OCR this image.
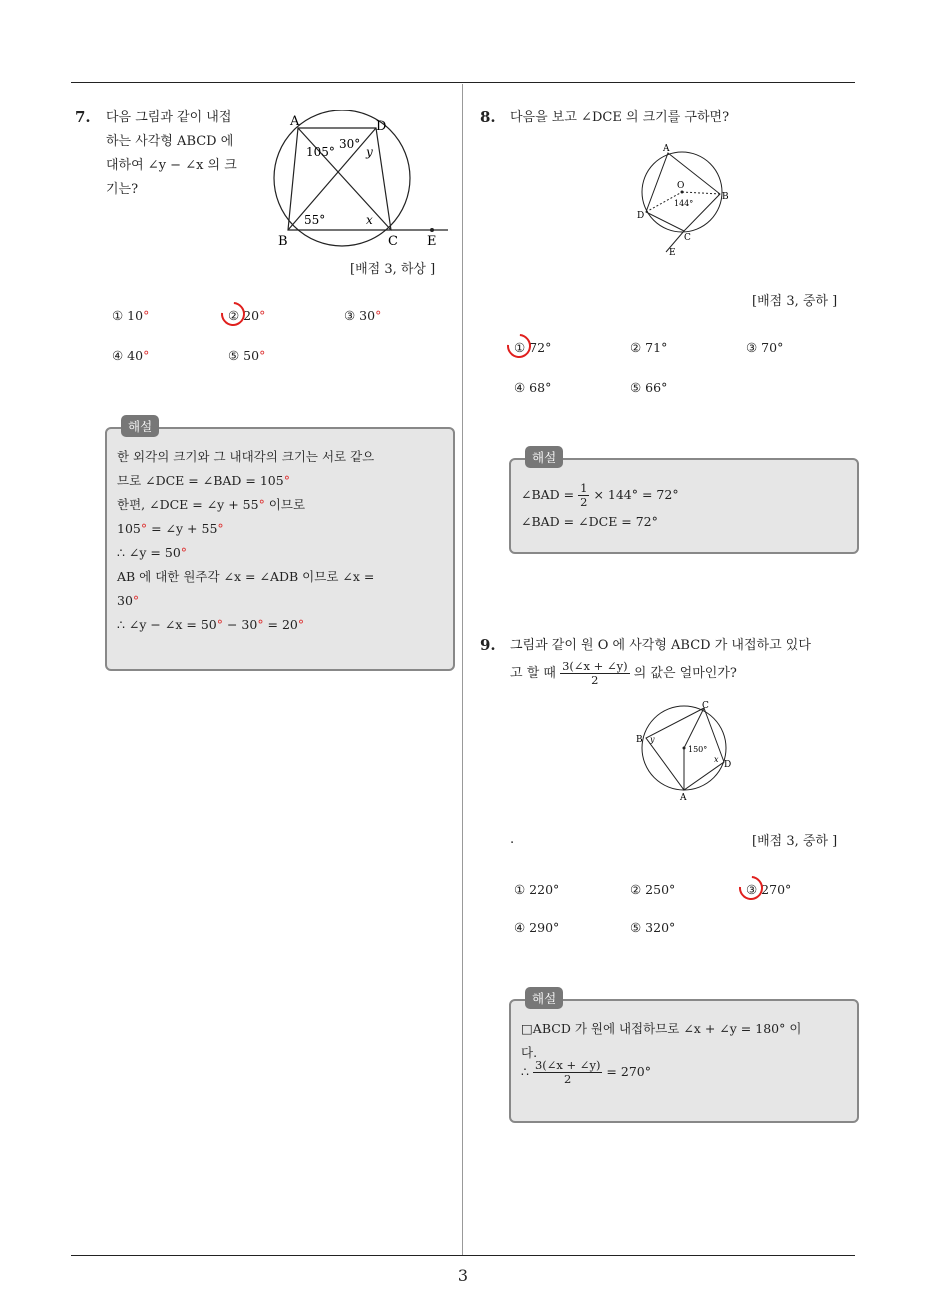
3
7. 다음 그림과 같이 내접
하는 사각형 ABCD 에
대하여 ∠y − ∠x 의 크
기는?
A	D
B	C E
105°
30°
y
55°	x
[배점 3, 하상 ]
① 10°	② 20°	③ 30°
④ 40°	⑤ 50°
해설
한 외각의 크기와 그 내대각의 크기는 서로 같으
므로 ∠DCE = ∠BAD = 105°
한편, ∠DCE = ∠y + 55° 이므로
105° = ∠y + 55°
∴ ∠y = 50°
AB 에 대한 원주각 ∠x = ∠ADB 이므로 ∠x =
30°
∴ ∠y − ∠x = 50° − 30° = 20°
8. 다음을 보고 ∠DCE 의 크기를 구하면?
A
B
C
D
E
O
144°
[배점 3, 중하 ]
① 72°	② 71°	③ 70°
④ 68°	⑤ 66°
해설
∠BAD = $\frac{1}{2} \times 144^\circ = 72^\circ$
∠BAD = ∠DCE = 72°
9. 그림과 같이 원 O 에 사각형 ABCD 가 내접하고 있다
고 할 때 $\frac{3(\angle x + \angle y)}{2}$ 의 값은 얼마인가?
C
B
D
A
y
x
150°
.	[배점 3, 중하 ]
① 220°	② 250°	③ 270°
④ 290°	⑤ 320°
해설
□ABCD 가 원에 내접하므로 ∠x + ∠y = 180° 이
다.
∴ $\frac{3(\angle x + \angle y)}{2} = 270^\circ$
